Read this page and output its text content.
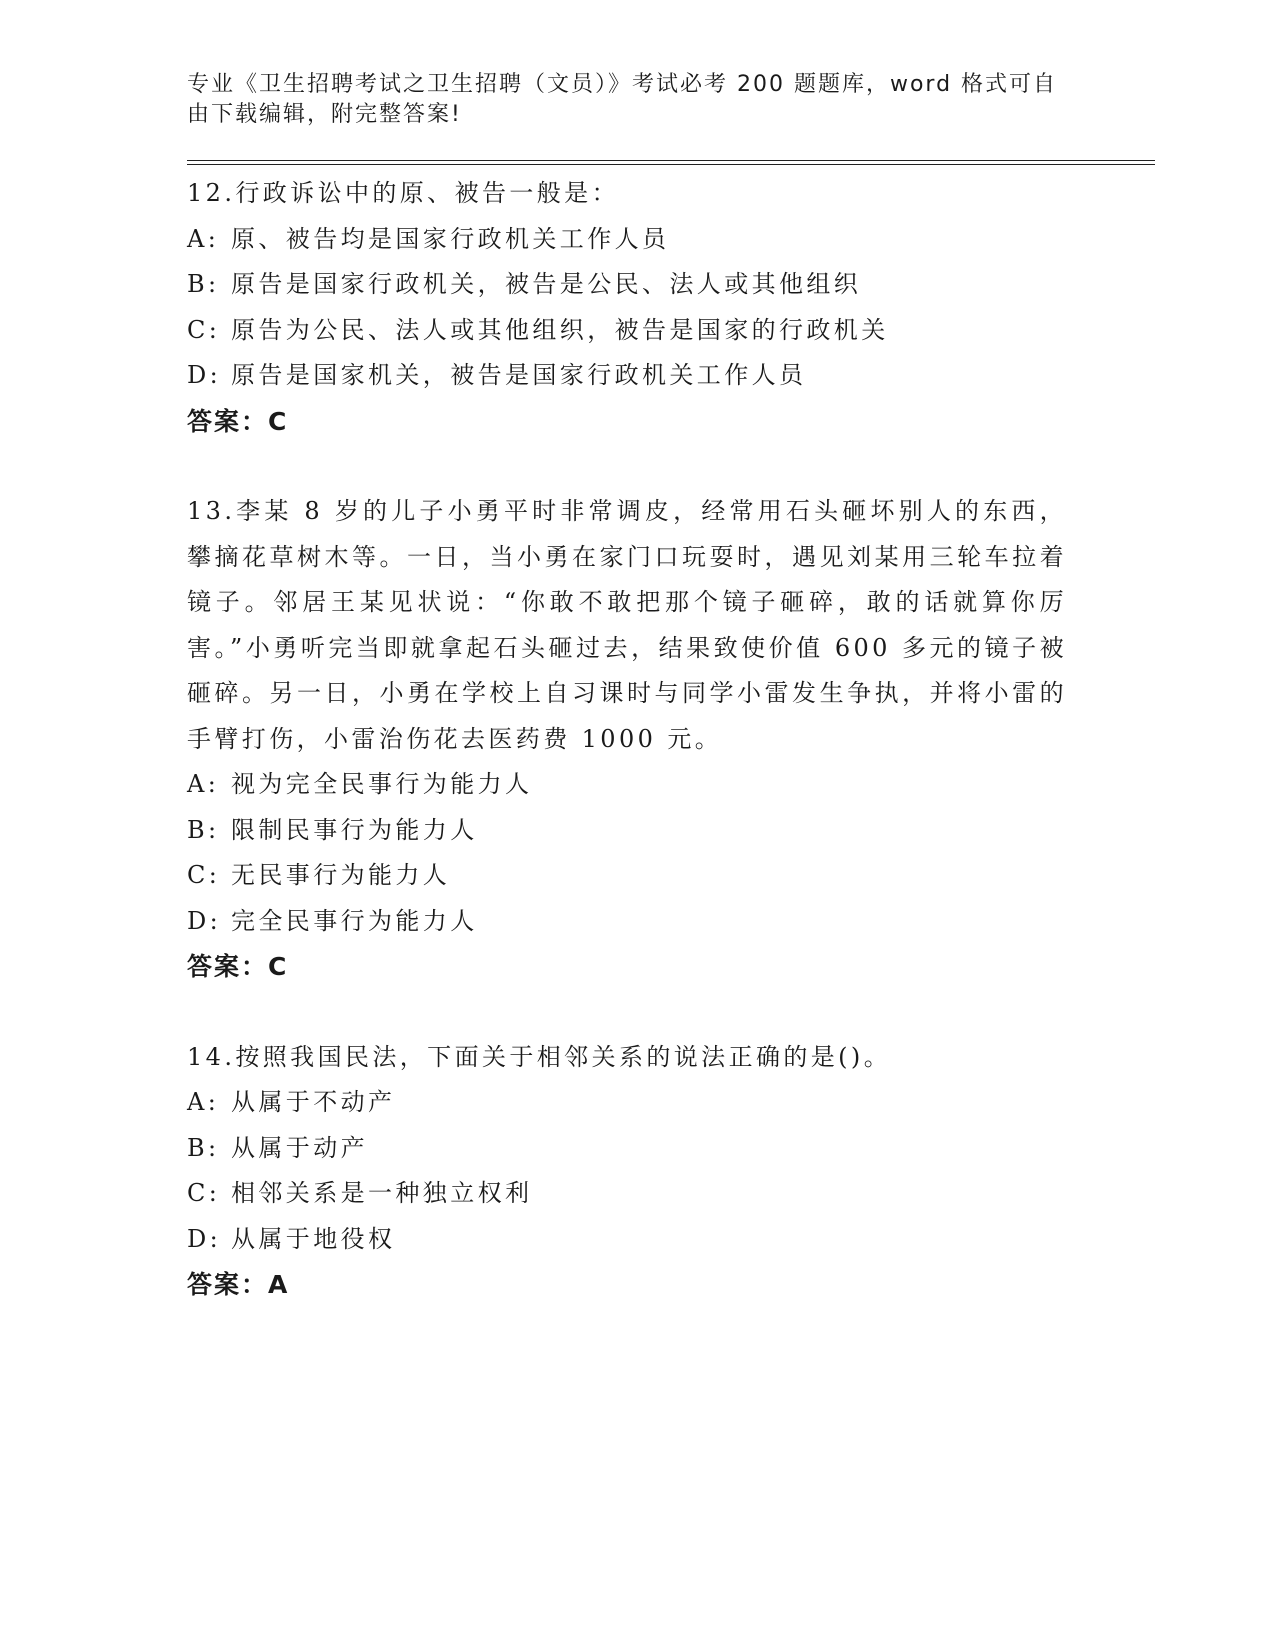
专业《卫生招聘考试之卫生招聘（文员）》考试必考 200 题题库，word 格式可自由下载编辑，附完整答案!
12.行政诉讼中的原、被告一般是：
A: 原、被告均是国家行政机关工作人员
B: 原告是国家行政机关，被告是公民、法人或其他组织
C: 原告为公民、法人或其他组织，被告是国家的行政机关
D: 原告是国家机关，被告是国家行政机关工作人员
答案：C
13.李某 8 岁的儿子小勇平时非常调皮，经常用石头砸坏别人的东西，攀摘花草树木等。一日，当小勇在家门口玩耍时，遇见刘某用三轮车拉着镜子。邻居王某见状说：“你敢不敢把那个镜子砸碎，敢的话就算你厉害。”小勇听完当即就拿起石头砸过去，结果致使价值 600 多元的镜子被砸碎。另一日，小勇在学校上自习课时与同学小雷发生争执，并将小雷的手臂打伤，小雷治伤花去医药费 1000 元。
A: 视为完全民事行为能力人
B: 限制民事行为能力人
C: 无民事行为能力人
D: 完全民事行为能力人
答案：C
14.按照我国民法，下面关于相邻关系的说法正确的是()。
A: 从属于不动产
B: 从属于动产
C: 相邻关系是一种独立权利
D: 从属于地役权
答案：A
